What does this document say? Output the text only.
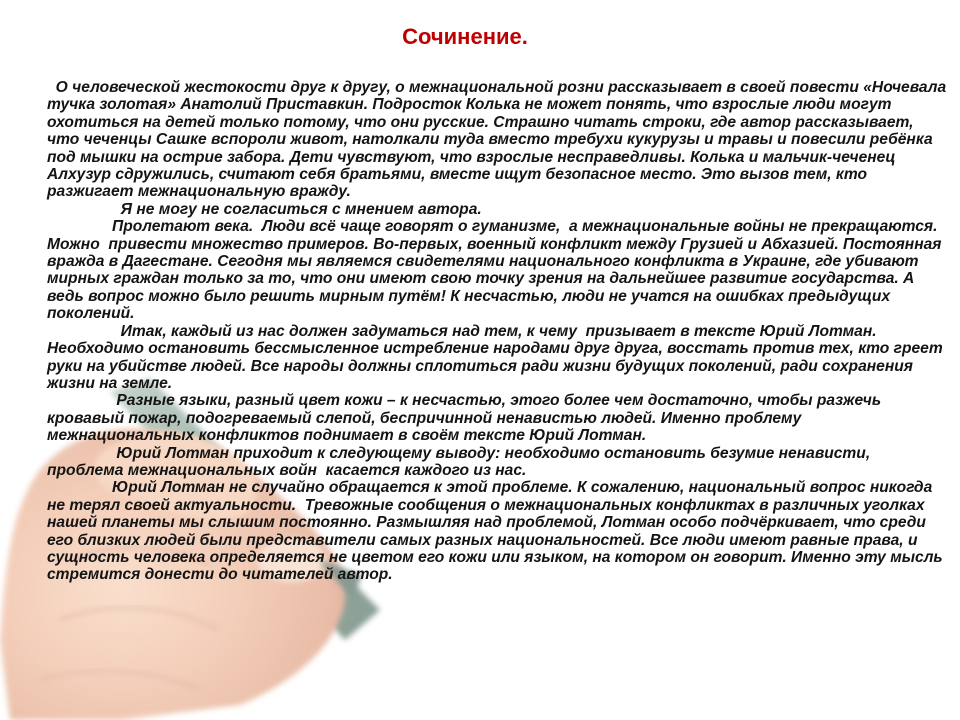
Сочинение.

О человеческой жестокости друг к другу, о межнациональной розни рассказывает в своей повести «Ночевала тучка золотая» Анатолий Приставкин. Подросток Колька не может понять, что взрослые люди могут охотиться на детей только потому, что они русские. Страшно читать строки, где автор рассказывает, что чеченцы Сашке вспороли живот, натолкали туда вместо требухи кукурузы и травы и повесили ребёнка под мышки на острие забора. Дети чувствуют, что взрослые несправедливы. Колька и мальчик-чеченец Алхузур сдружились, считают себя братьями, вместе ищут безопасное место. Это вызов тем, кто разжигает межнациональную вражду.

Я не могу не согласиться с мнением автора.

Пролетают века.  Люди всё чаще говорят о гуманизме,  а межнациональные войны не прекращаются.   Можно  привести множество примеров. Во-первых, военный конфликт между Грузией и Абхазией. Постоянная вражда в Дагестане. Сегодня мы являемся свидетелями национального конфликта в Украине, где убивают мирных граждан только за то, что они имеют свою точку зрения на дальнейшее развитие государства. А ведь вопрос можно было решить мирным путём! К несчастью, люди не учатся на ошибках предыдущих поколений.

Итак, каждый из нас должен задуматься над тем, к чему  призывает в тексте Юрий Лотман.  Необходимо остановить бессмысленное истребление народами друг друга, восстать против тех, кто греет руки на убийстве людей. Все народы должны сплотиться ради жизни будущих поколений, ради сохранения жизни на земле.

Разные языки, разный цвет кожи – к несчастью, этого более чем достаточно, чтобы разжечь кровавый пожар, подогреваемый слепой, беспричинной ненавистью людей. Именно проблему межнациональных конфликтов поднимает в своём тексте Юрий Лотман.

Юрий Лотман приходит к следующему выводу: необходимо остановить безумие ненависти, проблема межнациональных войн  касается каждого из нас.

Юрий Лотман не случайно обращается к этой проблеме. К сожалению, национальный вопрос никогда не терял своей актуальности.  Тревожные сообщения о межнациональных конфликтах в различных уголках нашей планеты мы слышим постоянно. Размышляя над проблемой, Лотман особо подчёркивает, что среди его близких людей были представители самых разных национальностей. Все люди имеют равные права, и сущность человека определяется не цветом его кожи или языком, на котором он говорит. Именно эту мысль стремится донести до читателей автор.
